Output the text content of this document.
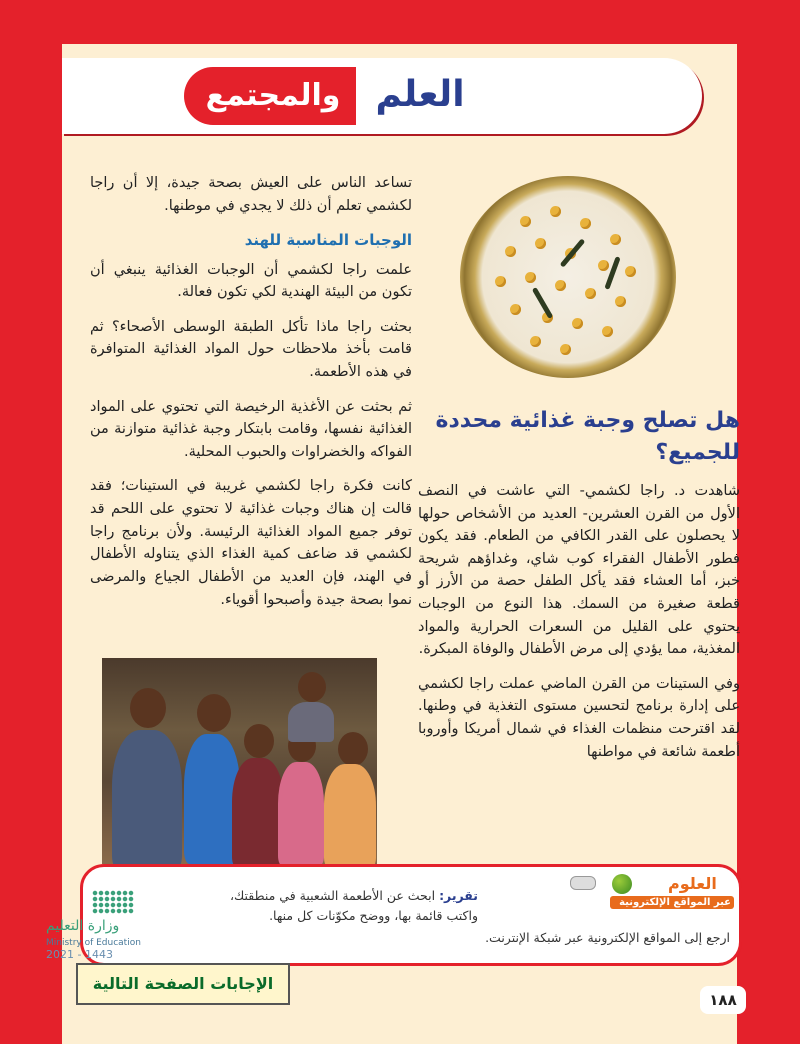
العلم
والمجتمع
هل تصلح وجبة غذائية محددة للجميع؟

تساعد الناس على العيش بصحة جيدة، إلا أن راجا لكشمي تعلم أن ذلك لا يجدي في موطنها.

الوجبات المناسبة للهند

علمت راجا لكشمي أن الوجبات الغذائية ينبغي أن تكون من البيئة الهندية لكي تكون فعالة.

بحثت راجا ماذا تأكل الطبقة الوسطى الأصحاء؟ ثم قامت بأخذ ملاحظات حول المواد الغذائية المتوافرة في هذه الأطعمة.

ثم بحثت عن الأغذية الرخيصة التي تحتوي على المواد الغذائية نفسها، وقامت بابتكار وجبة غذائية متوازنة من الفواكه والخضراوات والحبوب المحلية.

كانت فكرة راجا لكشمي غريبة في الستينات؛ فقد قالت إن هناك وجبات غذائية لا تحتوي على اللحم قد توفر جميع المواد الغذائية الرئيسة. ولأن برنامج راجا لكشمي قد ضاعف كمية الغذاء الذي يتناوله الأطفال في الهند، فإن العديد من الأطفال الجياع والمرضى نموا بصحة جيدة وأصبحوا أقوياء.

شاهدت د. راجا لكشمي- التي عاشت في النصف الأول من القرن العشرين- العديد من الأشخاص حولها لا يحصلون على القدر الكافي من الطعام. فقد يكون فطور الأطفال الفقراء كوب شاي، وغداؤهم شريحة خبز، أما العشاء فقد يأكل الطفل حصة من الأرز أو قطعة صغيرة من السمك. هذا النوع من الوجبات يحتوي على القليل من السعرات الحرارية والمواد المغذية، مما يؤدي إلى مرض الأطفال والوفاة المبكرة.

وفي الستينات من القرن الماضي عملت راجا لكشمي على إدارة برنامج لتحسين مستوى التغذية في وطنها. لقد اقترحت منظمات الغذاء في شمال أمريكا وأوروبا أطعمة شائعة في مواطنها

تقرير: ابحث عن الأطعمة الشعبية في منطقتك، واكتب قائمة بها، ووضح مكوّنات كل منها.
العلوم
عبر المواقع الإلكترونية
ارجع إلى المواقع الإلكترونية عبر شبكة الإنترنت.
وزارة التعليم
Ministry of Education
2021 - 1443
الإجابات الصفحة التالية
١٨٨
